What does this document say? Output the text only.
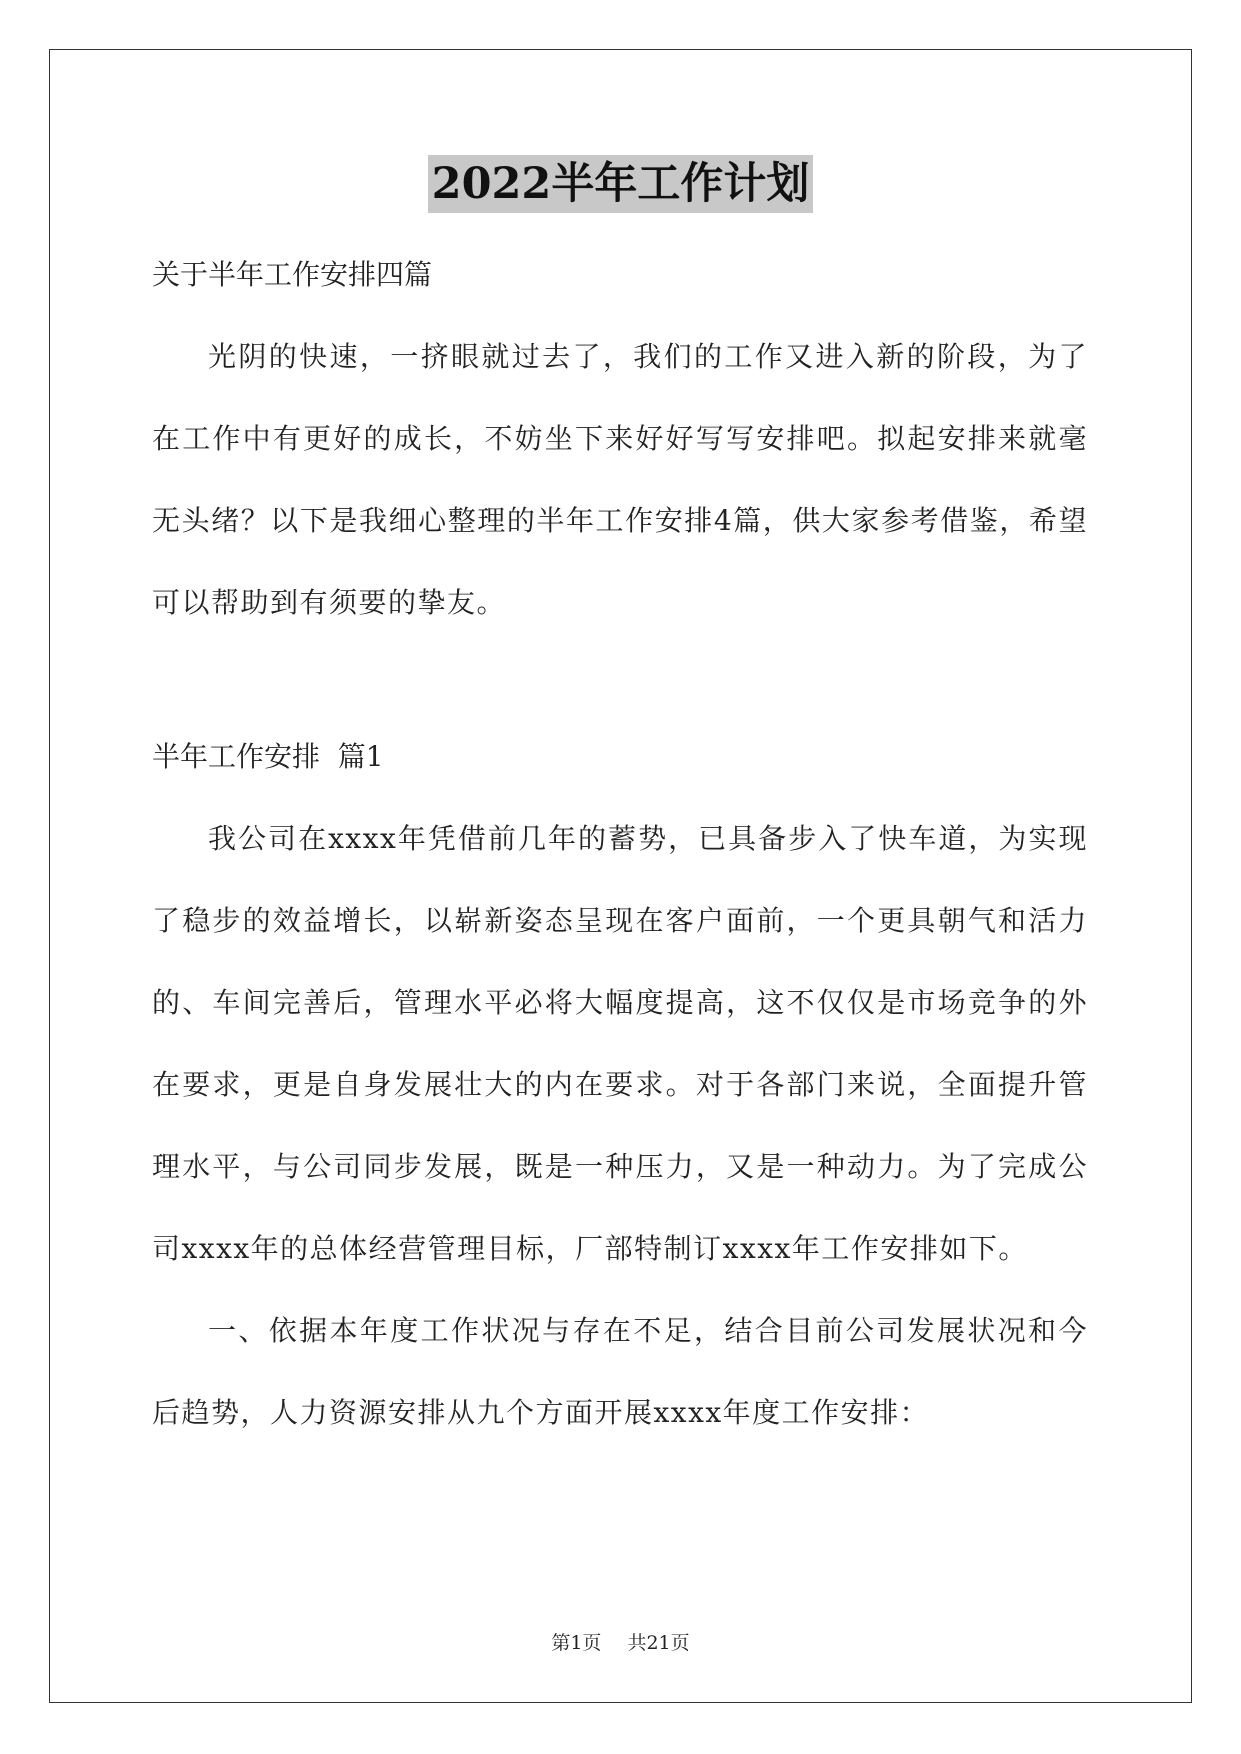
2022半年工作计划

关于半年工作安排四篇

光阴的快速，一挤眼就过去了，我们的工作又进入新的阶段，为了在工作中有更好的成长，不妨坐下来好好写写安排吧。拟起安排来就毫无头绪？以下是我细心整理的半年工作安排4篇，供大家参考借鉴，希望可以帮助到有须要的挚友。

半年工作安排  篇1

我公司在xxxx年凭借前几年的蓄势，已具备步入了快车道，为实现了稳步的效益增长，以崭新姿态呈现在客户面前，一个更具朝气和活力的、车间完善后，管理水平必将大幅度提高，这不仅仅是市场竞争的外在要求，更是自身发展壮大的内在要求。对于各部门来说，全面提升管理水平，与公司同步发展，既是一种压力，又是一种动力。为了完成公司xxxx年的总体经营管理目标，厂部特制订xxxx年工作安排如下。

一、依据本年度工作状况与存在不足，结合目前公司发展状况和今后趋势，人力资源安排从九个方面开展xxxx年度工作安排：

第1页 共21页
